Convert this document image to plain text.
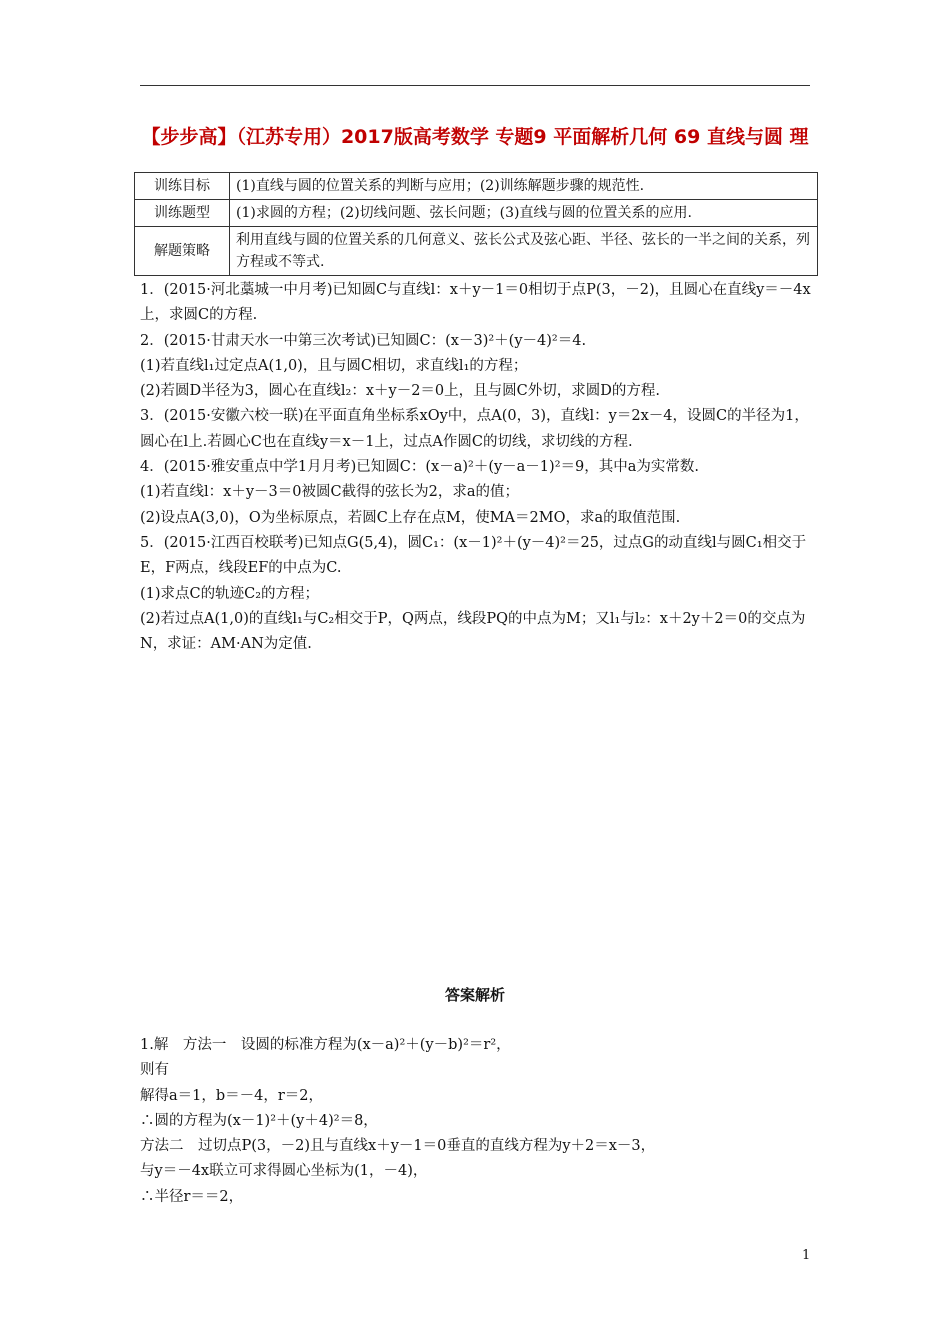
【步步高】（江苏专用）2017版高考数学 专题9 平面解析几何 69 直线与圆 理
训练目标	(1)直线与圆的位置关系的判断与应用；(2)训练解题步骤的规范性.
训练题型	(1)求圆的方程；(2)切线问题、弦长问题；(3)直线与圆的位置关系的应用.
解题策略	利用直线与圆的位置关系的几何意义、弦长公式及弦心距、半径、弦长的一半之间的关系，列方程或不等式.

1．(2015·河北藁城一中月考)已知圆C与直线l：x＋y－1＝0相切于点P(3，－2)，且圆心在直线y＝－4x上，求圆C的方程.

2．(2015·甘肃天水一中第三次考试)已知圆C：(x－3)²＋(y－4)²＝4.

(1)若直线l₁过定点A(1,0)，且与圆C相切，求直线l₁的方程；

(2)若圆D半径为3，圆心在直线l₂：x＋y－2＝0上，且与圆C外切，求圆D的方程.

3．(2015·安徽六校一联)在平面直角坐标系xOy中，点A(0，3)，直线l：y＝2x－4，设圆C的半径为1，圆心在l上.若圆心C也在直线y＝x－1上，过点A作圆C的切线，求切线的方程.

4．(2015·雅安重点中学1月月考)已知圆C：(x－a)²＋(y－a－1)²＝9，其中a为实常数.

(1)若直线l：x＋y－3＝0被圆C截得的弦长为2，求a的值；

(2)设点A(3,0)，O为坐标原点，若圆C上存在点M，使MA＝2MO，求a的取值范围.

5．(2015·江西百校联考)已知点G(5,4)，圆C₁：(x－1)²＋(y－4)²＝25，过点G的动直线l与圆C₁相交于E，F两点，线段EF的中点为C.

(1)求点C的轨迹C₂的方程；

(2)若过点A(1,0)的直线l₁与C₂相交于P，Q两点，线段PQ的中点为M；又l₁与l₂：x＋2y＋2＝0的交点为N，求证：AM·AN为定值.

答案解析

1.解　方法一　设圆的标准方程为(x－a)²＋(y－b)²＝r²，

则有

解得a＝1，b＝－4，r＝2，

∴圆的方程为(x－1)²＋(y＋4)²＝8，

方法二　过切点P(3，－2)且与直线x＋y－1＝0垂直的直线方程为y＋2＝x－3，

与y＝－4x联立可求得圆心坐标为(1，－4)，

∴半径r＝＝2，

1
